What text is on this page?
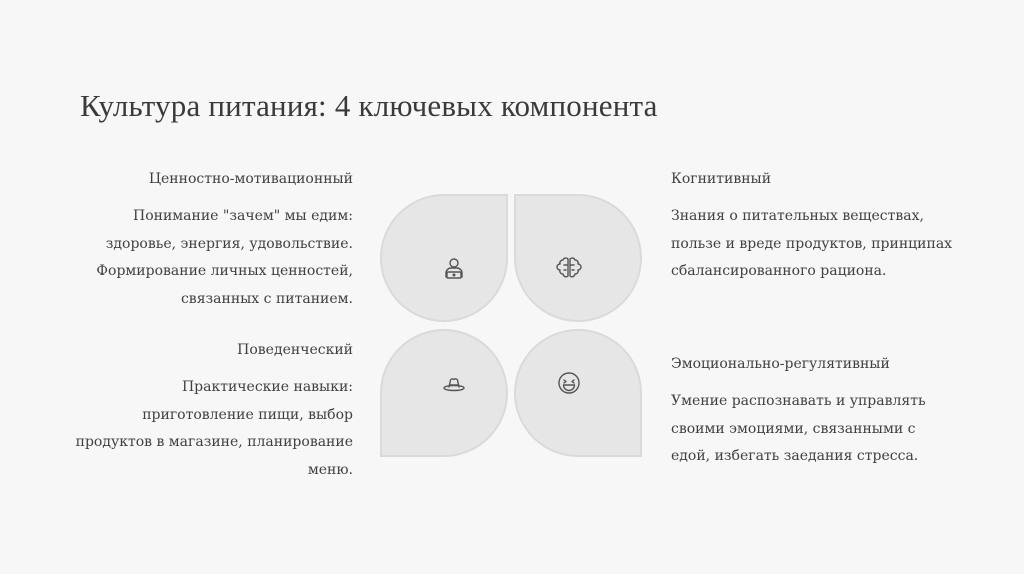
Культура питания: 4 ключевых компонента
Ценностно-мотивационный
Понимание "зачем" мы едим:
здоровье, энергия, удовольствие.
Формирование личных ценностей,
связанных с питанием.
Когнитивный
Знания о питательных веществах,
пользе и вреде продуктов, принципах
сбалансированного рациона.
Поведенческий
Практические навыки:
приготовление пищи, выбор
продуктов в магазине, планирование
меню.
Эмоционально-регулятивный
Умение распознавать и управлять
своими эмоциями, связанными с
едой, избегать заедания стресса.
